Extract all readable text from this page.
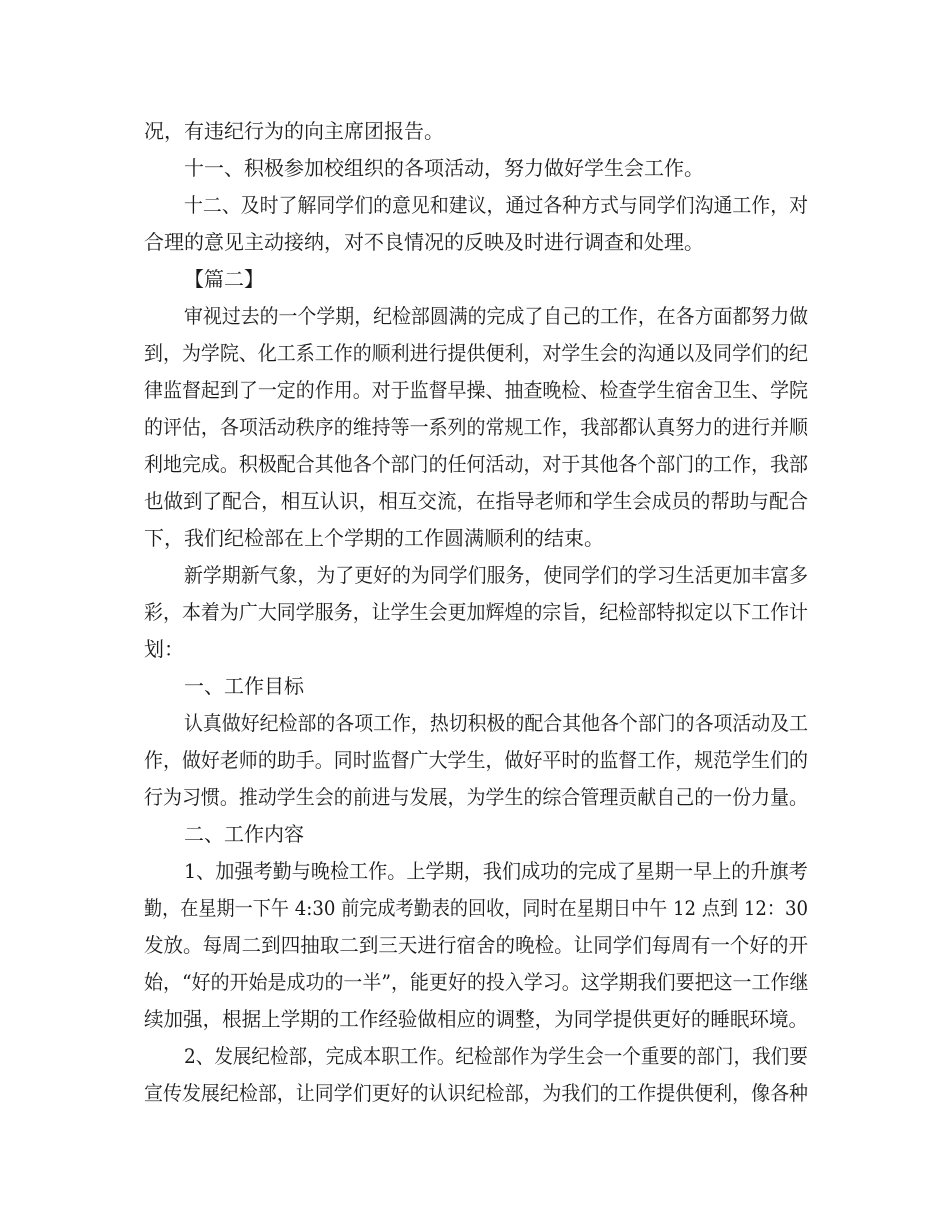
况，有违纪行为的向主席团报告。

十一、积极参加校组织的各项活动，努力做好学生会工作。

十二、及时了解同学们的意见和建议，通过各种方式与同学们沟通工作，对

合理的意见主动接纳，对不良情况的反映及时进行调查和处理。

【篇二】

审视过去的一个学期，纪检部圆满的完成了自己的工作，在各方面都努力做

到，为学院、化工系工作的顺利进行提供便利，对学生会的沟通以及同学们的纪

律监督起到了一定的作用。对于监督早操、抽查晚检、检查学生宿舍卫生、学院

的评估，各项活动秩序的维持等一系列的常规工作，我部都认真努力的进行并顺

利地完成。积极配合其他各个部门的任何活动，对于其他各个部门的工作，我部

也做到了配合，相互认识，相互交流，在指导老师和学生会成员的帮助与配合

下，我们纪检部在上个学期的工作圆满顺利的结束。

新学期新气象，为了更好的为同学们服务，使同学们的学习生活更加丰富多

彩，本着为广大同学服务，让学生会更加辉煌的宗旨，纪检部特拟定以下工作计

划：

一、工作目标

认真做好纪检部的各项工作，热切积极的配合其他各个部门的各项活动及工

作，做好老师的助手。同时监督广大学生，做好平时的监督工作，规范学生们的

行为习惯。推动学生会的前进与发展，为学生的综合管理贡献自己的一份力量。

二、工作内容

1、加强考勤与晚检工作。上学期，我们成功的完成了星期一早上的升旗考

勤，在星期一下午 4:30 前完成考勤表的回收，同时在星期日中午 12 点到 12：30

发放。每周二到四抽取二到三天进行宿舍的晚检。让同学们每周有一个好的开

始，“好的开始是成功的一半”，能更好的投入学习。这学期我们要把这一工作继

续加强，根据上学期的工作经验做相应的调整，为同学提供更好的睡眠环境。

2、发展纪检部，完成本职工作。纪检部作为学生会一个重要的部门，我们要

宣传发展纪检部，让同学们更好的认识纪检部，为我们的工作提供便利，像各种
